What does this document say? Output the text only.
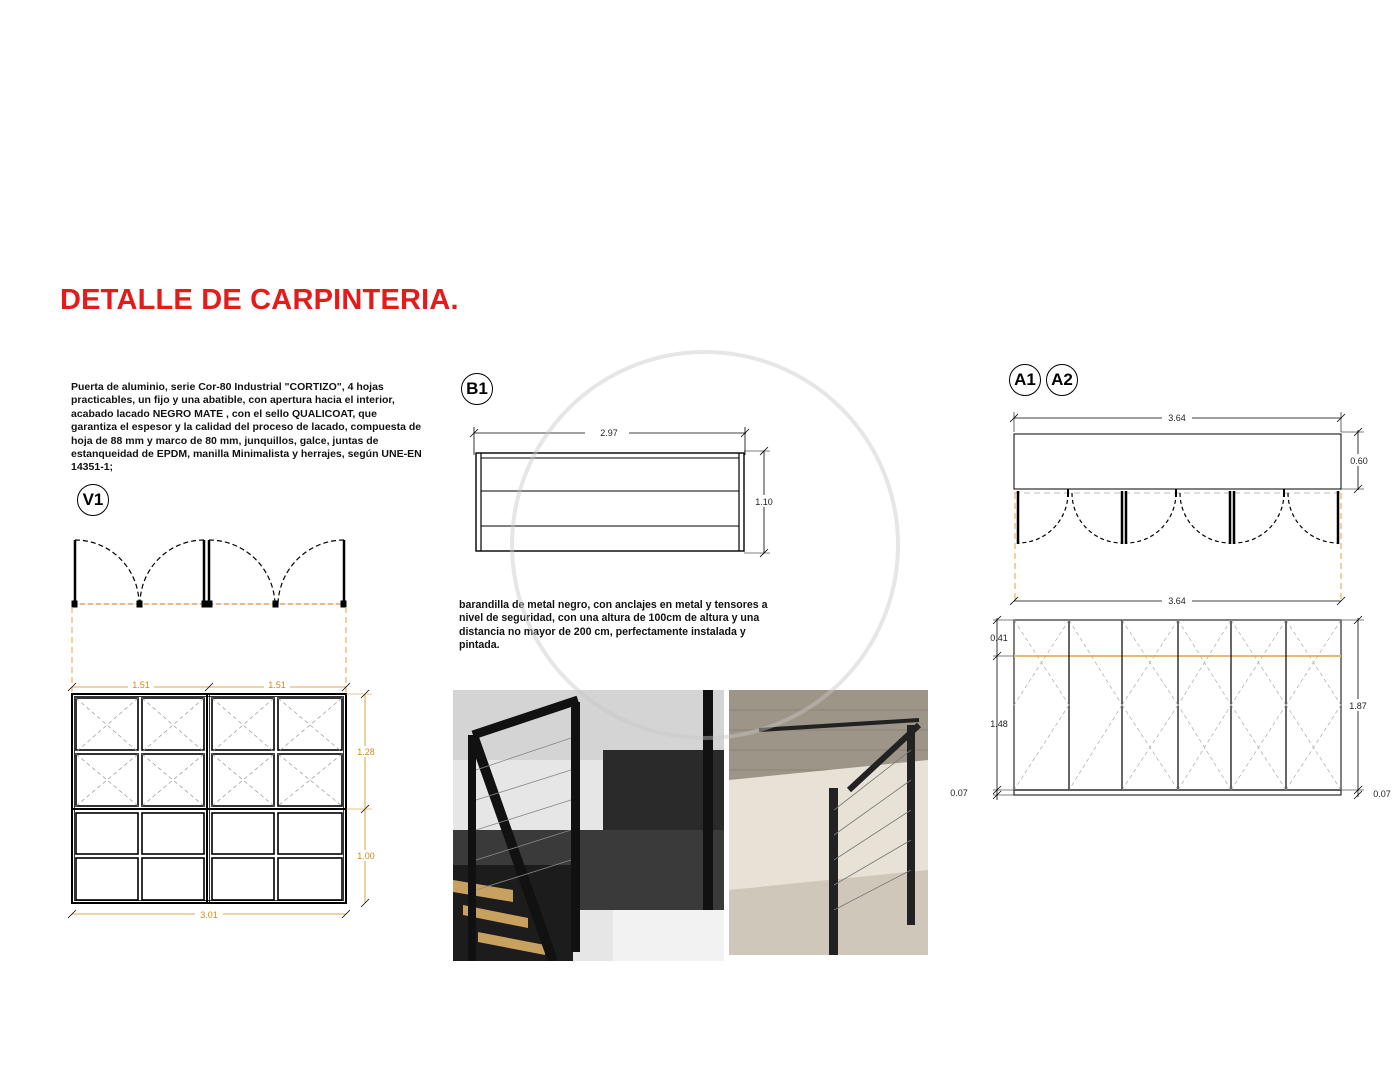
DETALLE DE CARPINTERIA.
Puerta de aluminio, serie Cor-80 Industrial "CORTIZO", 4 hojas practicables, un fijo y una abatible, con apertura hacia el interior, acabado lacado NEGRO MATE , con el sello QUALICOAT, que garantiza el espesor y la calidad del proceso de lacado, compuesta de hoja de 88 mm y marco de 80 mm, junquillos, galce, juntas de estanqueidad de EPDM, manilla Minimalista y herrajes, según UNE-EN 14351-1;
V1
B1
barandilla de metal negro, con anclajes en metal y tensores a nivel de seguridad, con una altura de 100cm de altura y una distancia no mayor de 200 cm, perfectamente instalada y pintada.
A1 A2
1.51	1.51
1.28
1.00
3.01
2.97
1.10
3.64
0.60
3.64
0.41
1.48
1.87
0.07	0.07
